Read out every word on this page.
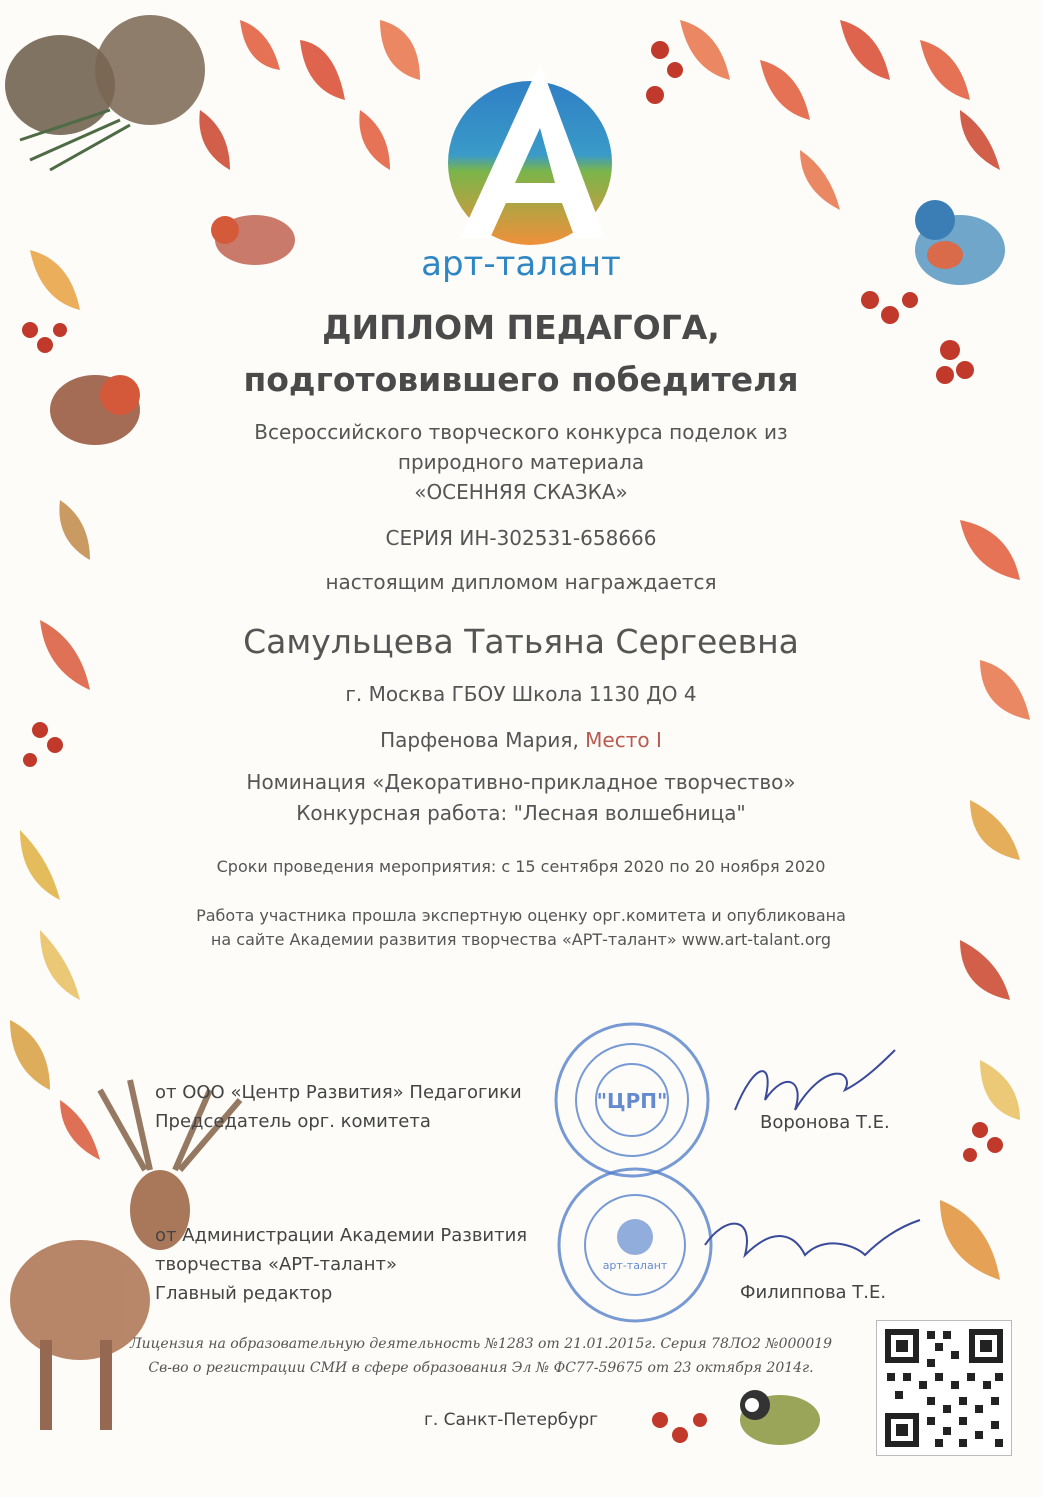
арт-талант
ДИПЛОМ ПЕДАГОГА,
подготовившего победителя
Всероссийского творческого конкурса поделок из
природного материала
«ОСЕННЯЯ СКАЗКА»
СЕРИЯ ИН-302531-658666
настоящим дипломом награждается
Самульцева Татьяна Сергеевна
г. Москва ГБОУ Школа 1130 ДО 4
Парфенова Мария, Место I
Номинация «Декоративно-прикладное творчество»
Конкурсная работа: "Лесная волшебница"
Сроки проведения мероприятия: с 15 сентября 2020 по 20 ноября 2020
Работа участника прошла экспертную оценку орг.комитета и опубликована
на сайте Академии развития творчества «АРТ-талант» www.art-talant.org
от ООО «Центр Развития» Педагогики
Председатель орг. комитета	Воронова Т.Е.
"ЦРП"
от Администрации Академии Развития
творчества «АРТ-талант»
Главный редактор	Филиппова Т.Е.
арт-талант
Лицензия на образовательную деятельность №1283 от 21.01.2015г. Серия 78ЛО2 №000019
Св-во о регистрации СМИ в сфере образования Эл № ФС77-59675 от 23 октября 2014г.
г. Санкт-Петербург
